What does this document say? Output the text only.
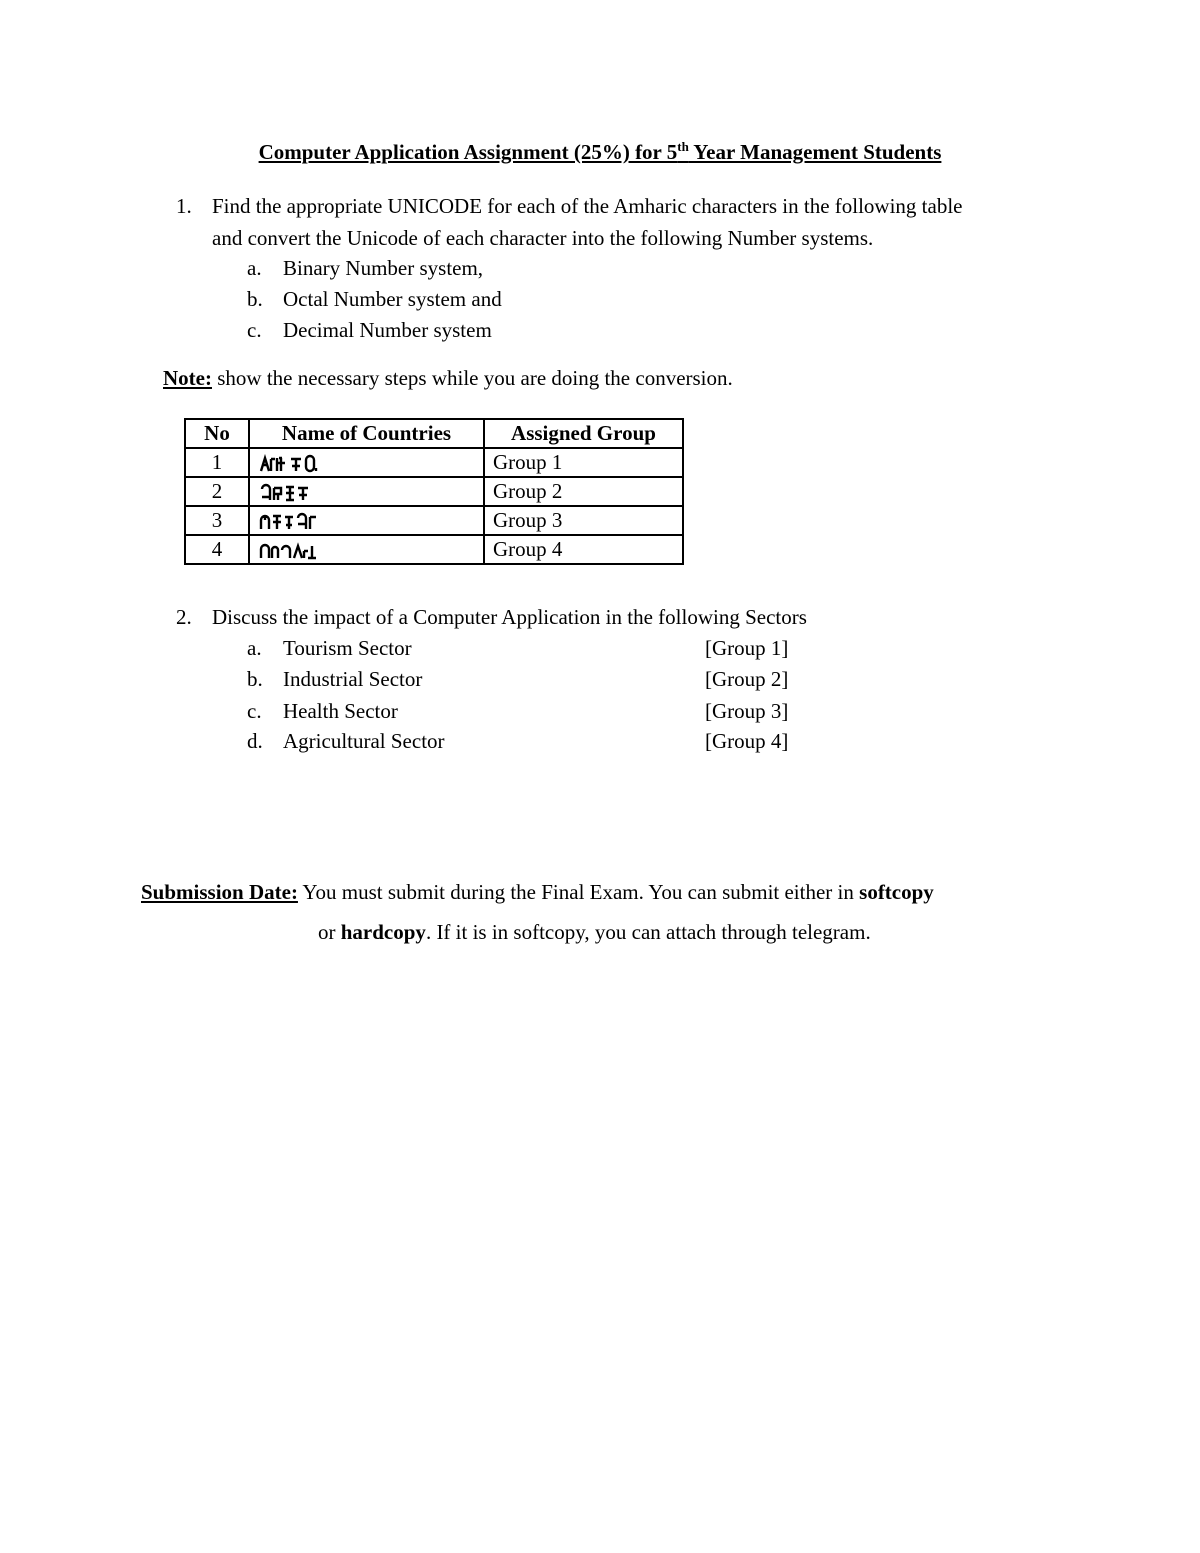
Computer Application Assignment (25%) for 5th Year Management Students
1. Find the appropriate UNICODE for each of the Amharic characters in the following table
and convert the Unicode of each character into the following Number systems.
a. Binary Number system,
b. Octal Number system and
c. Decimal Number system
Note: show the necessary steps while you are doing the conversion.
No	Name of Countries	Assigned Group
1		Group 1
2		Group 2
3		Group 3
4		Group 4
2. Discuss the impact of a Computer Application in the following Sectors
a. Tourism Sector	[Group 1]
b. Industrial Sector	[Group 2]
c. Health Sector	[Group 3]
d. Agricultural Sector	[Group 4]
Submission Date: You must submit during the Final Exam. You can submit either in softcopy
or hardcopy. If it is in softcopy, you can attach through telegram.
